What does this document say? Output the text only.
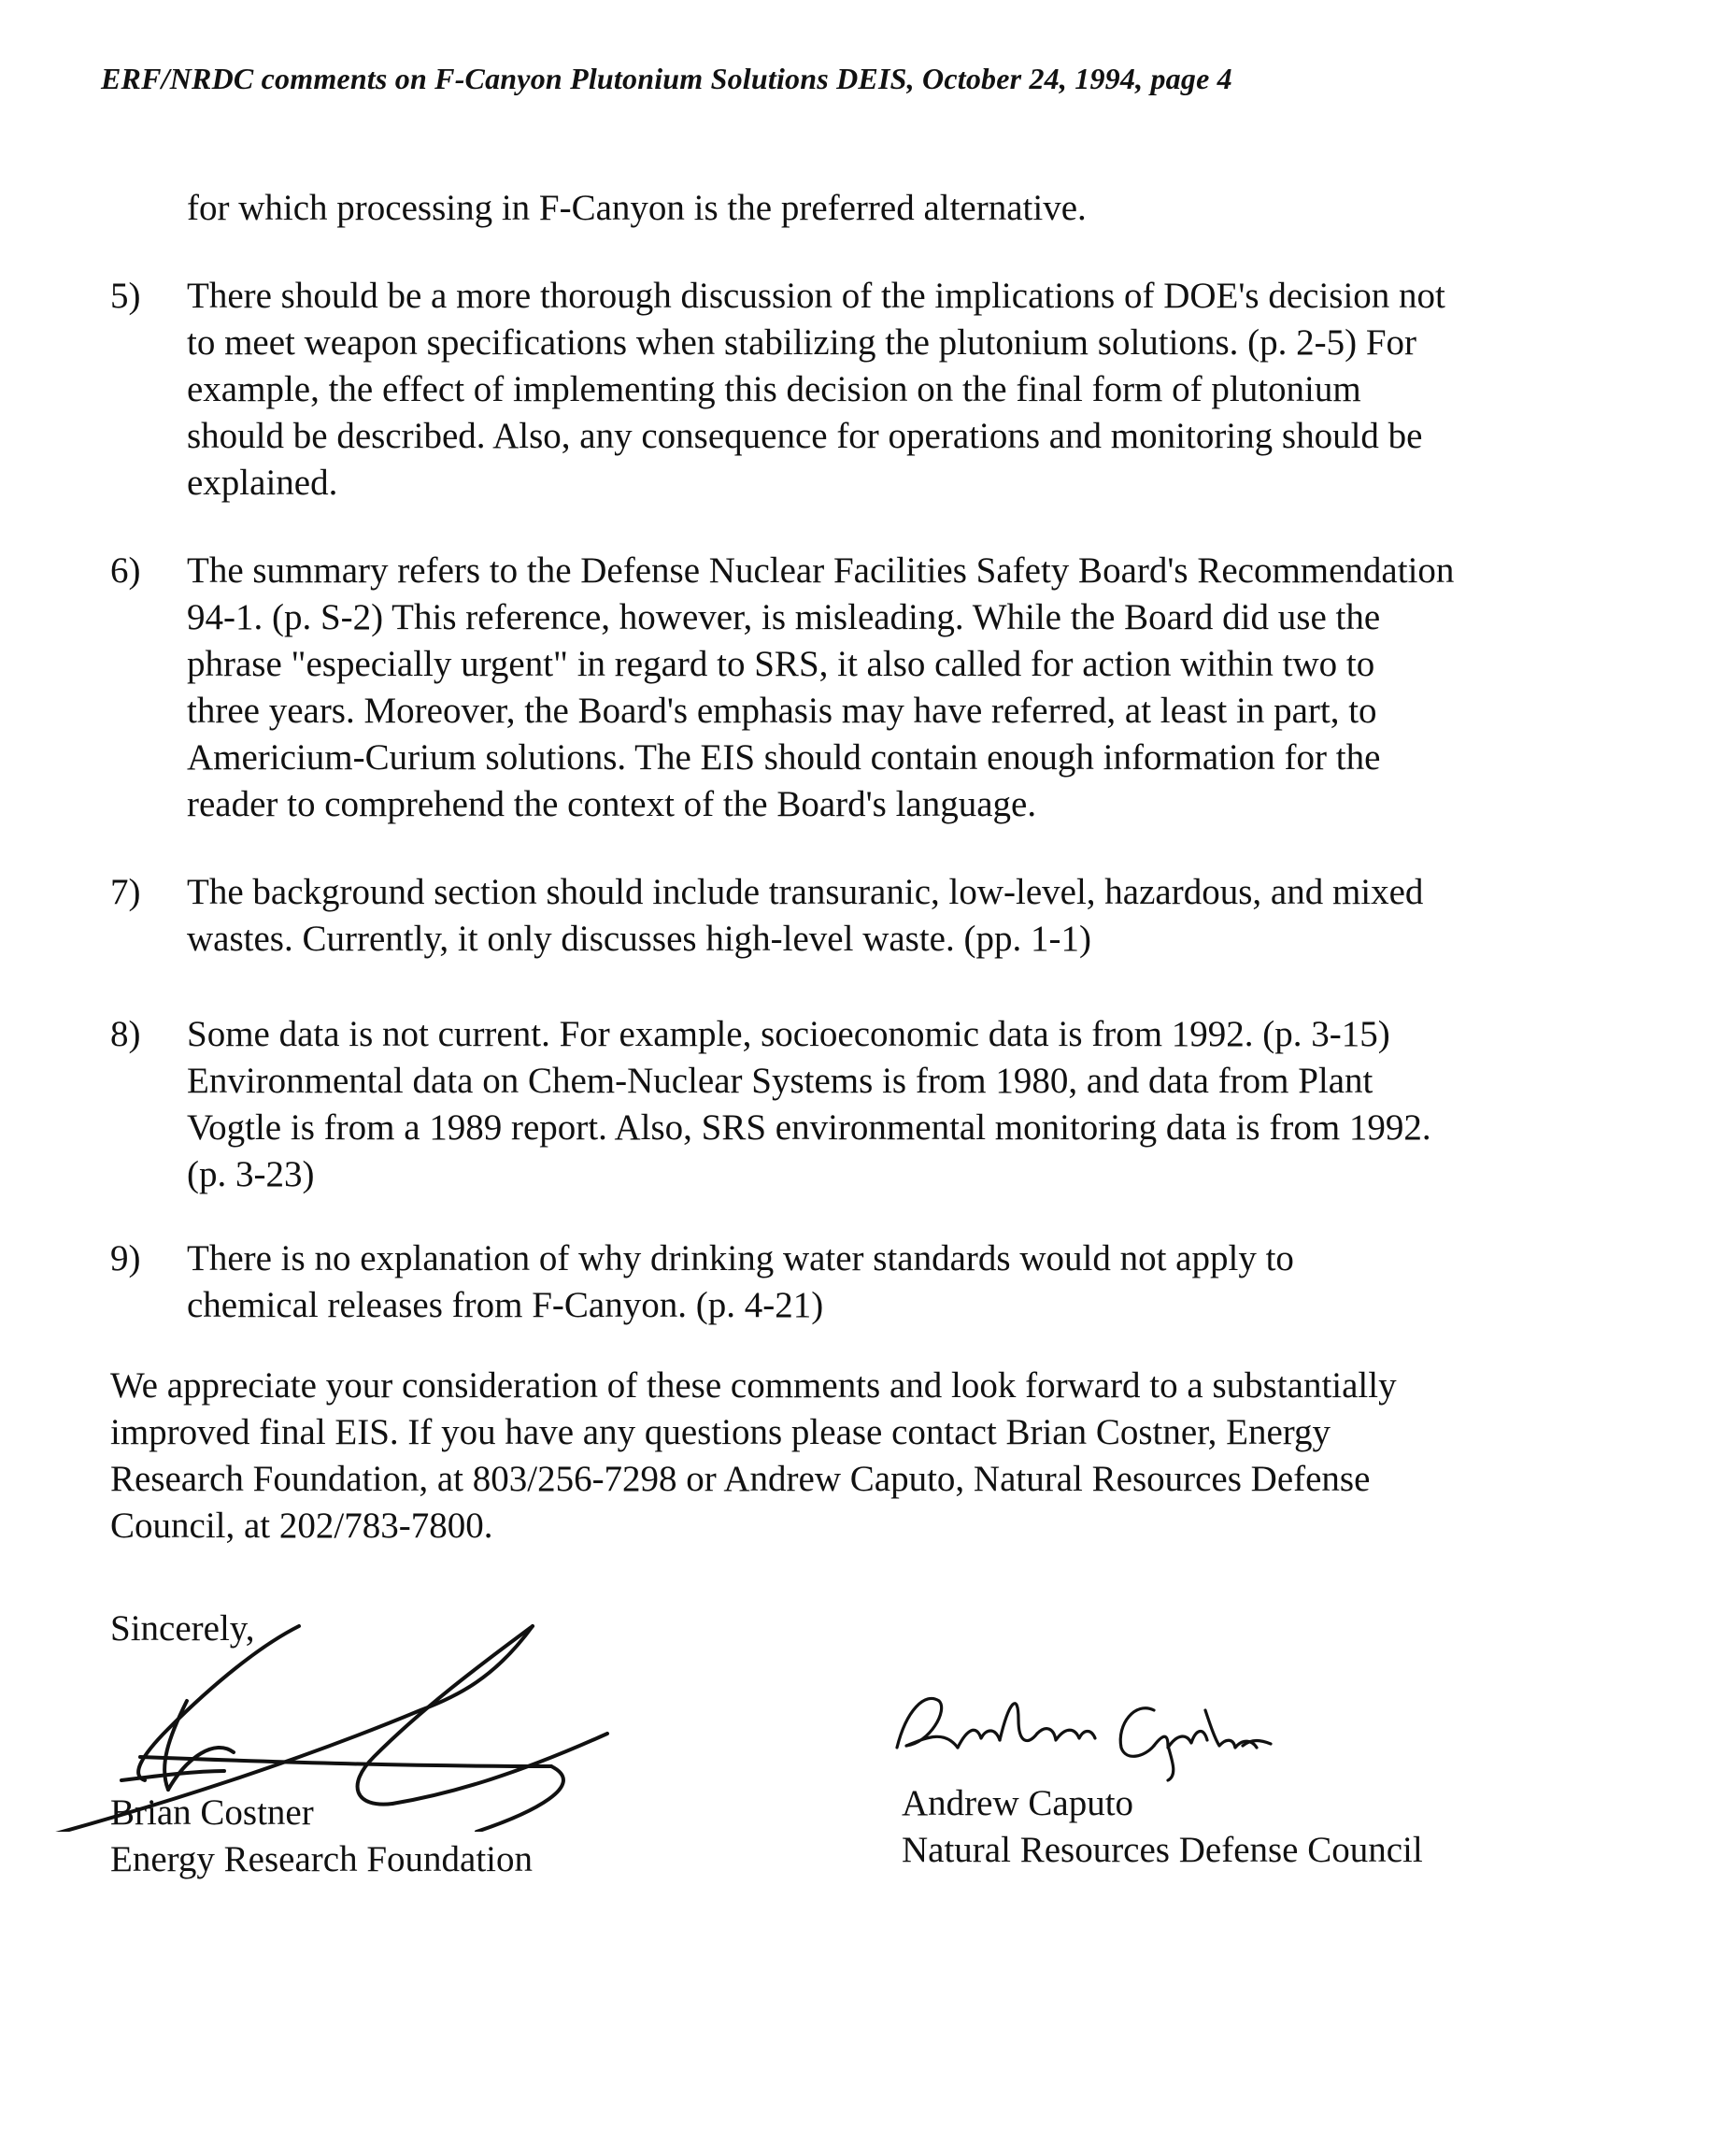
ERF/NRDC comments on F-Canyon Plutonium Solutions DEIS, October 24, 1994, page 4
for which processing in F-Canyon is the preferred alternative.
5)	There should be a more thorough discussion of the implications of DOE's decision not
to meet weapon specifications when stabilizing the plutonium solutions. (p. 2-5) For
example, the effect of implementing this decision on the final form of plutonium
should be described. Also, any consequence for operations and monitoring should be
explained.
6)	The summary refers to the Defense Nuclear Facilities Safety Board's Recommendation
94-1. (p. S-2) This reference, however, is misleading. While the Board did use the
phrase "especially urgent" in regard to SRS, it also called for action within two to
three years. Moreover, the Board's emphasis may have referred, at least in part, to
Americium-Curium solutions. The EIS should contain enough information for the
reader to comprehend the context of the Board's language.
7)	The background section should include transuranic, low-level, hazardous, and mixed
wastes. Currently, it only discusses high-level waste. (pp. 1-1)
8)	Some data is not current. For example, socioeconomic data is from 1992. (p. 3-15)
Environmental data on Chem-Nuclear Systems is from 1980, and data from Plant
Vogtle is from a 1989 report. Also, SRS environmental monitoring data is from 1992.
(p. 3-23)
9)	There is no explanation of why drinking water standards would not apply to
chemical releases from F-Canyon. (p. 4-21)
We appreciate your consideration of these comments and look forward to a substantially
improved final EIS. If you have any questions please contact Brian Costner, Energy
Research Foundation, at 803/256-7298 or Andrew Caputo, Natural Resources Defense
Council, at 202/783-7800.
Sincerely,
Brian Costner
Energy Research Foundation
Andrew Caputo
Natural Resources Defense Council
